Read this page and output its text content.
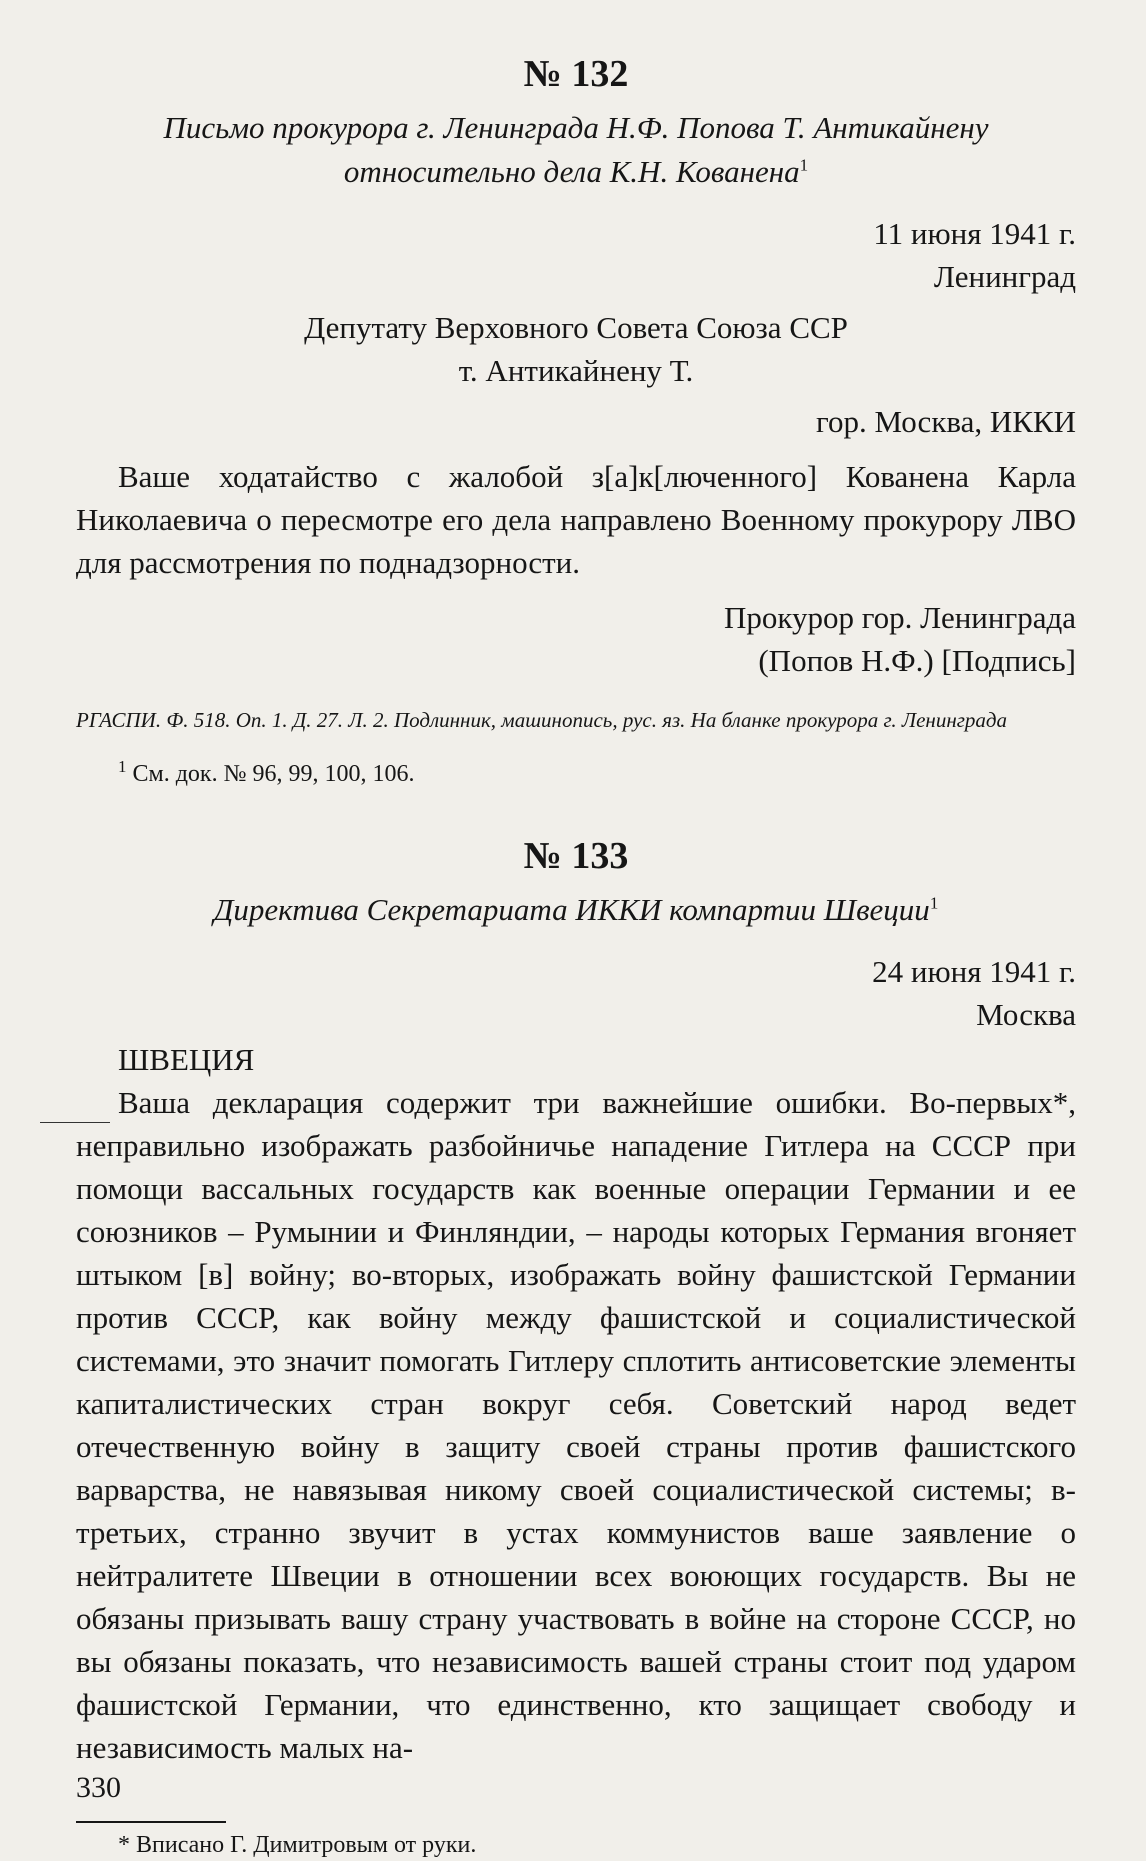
№ 132

Письмо прокурора г. Ленинграда Н.Ф. Попова Т. Антикайнену
относительно дела К.Н. Кованена$^1$

11 июня 1941 г.

Ленинград

Депутату Верховного Совета Союза ССР

т. Антикайнену Т.

гор. Москва, ИККИ

Ваше ходатайство с жалобой з[а]к[люченного] Кованена Карла Николаевича о пересмотре его дела направлено Военному прокурору ЛВО для рассмотрения по поднадзорности.

Прокурор гор. Ленинграда

(Попов Н.Ф.) [Подпись]

РГАСПИ. Ф. 518. Оп. 1. Д. 27. Л. 2. Подлинник, машинопись, рус. яз. На бланке прокурора г. Ленинграда

$^1$ См. док. № 96, 99, 100, 106.

№ 133

Директива Секретариата ИККИ компартии Швеции$^1$

24 июня 1941 г.

Москва

ШВЕЦИЯ

Ваша декларация содержит три важнейшие ошибки. Во-первых*, неправильно изображать разбойничье нападение Гитлера на СССР при помощи вассальных государств как военные операции Германии и ее союзников – Румынии и Финляндии, – народы которых Германия вгоняет штыком [в] войну; во-вторых, изображать войну фашистской Германии против СССР, как войну между фашистской и социалистической системами, это значит помогать Гитлеру сплотить антисоветские элементы капиталистических стран вокруг себя. Советский народ ведет отечественную войну в защиту своей страны против фашистского варварства, не навязывая никому своей социалистической системы; в-третьих, странно звучит в устах коммунистов ваше заявление о нейтралитете Швеции в отношении всех воюющих государств. Вы не обязаны призывать вашу страну участвовать в войне на стороне СССР, но вы обязаны показать, что независимость вашей страны стоит под ударом фашистской Германии, что единственно, кто защищает свободу и независимость малых на-

* Вписано Г. Димитровым от руки.

330
